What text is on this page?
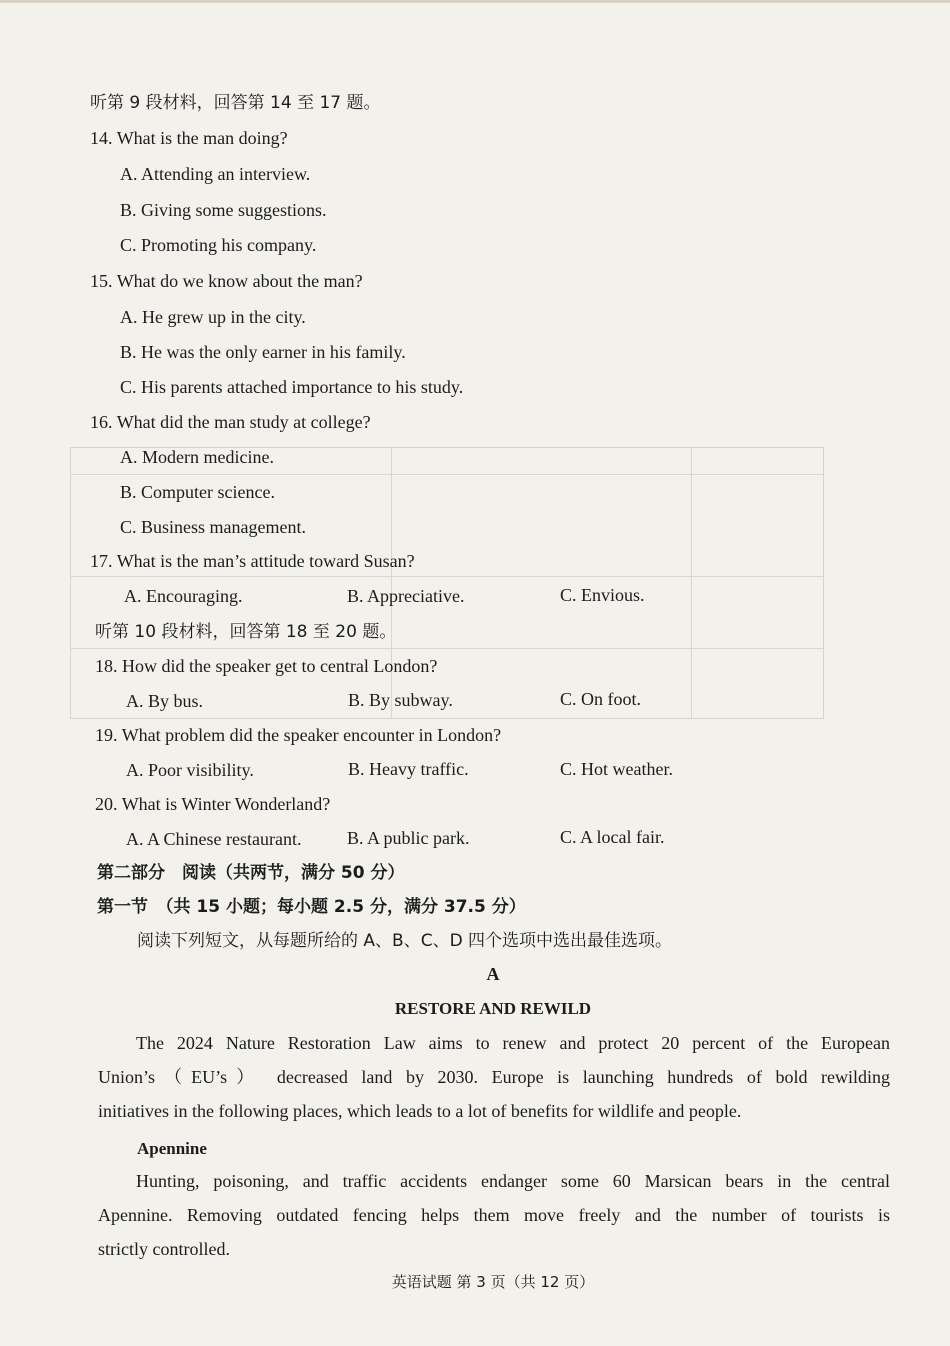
听第 9 段材料，回答第 14 至 17 题。
14. What is the man doing?
A. Attending an interview.
B. Giving some suggestions.
C. Promoting his company.
15. What do we know about the man?
A. He grew up in the city.
B. He was the only earner in his family.
C. His parents attached importance to his study.
16. What did the man study at college?
A. Modern medicine.
B. Computer science.
C. Business management.
17. What is the man’s attitude toward Susan?
A. Encouraging.	B. Appreciative.	C. Envious.
听第 10 段材料，回答第 18 至 20 题。
18. How did the speaker get to central London?
A. By bus.	B. By subway.	C. On foot.
19. What problem did the speaker encounter in London?
A. Poor visibility.	B. Heavy traffic.	C. Hot weather.
20. What is Winter Wonderland?
A. A Chinese restaurant.	B. A public park.	C. A local fair.
第二部分　阅读（共两节，满分 50 分）
第一节　（共 15 小题；每小题 2.5 分，满分 37.5 分）
阅读下列短文，从每题所给的 A、B、C、D 四个选项中选出最佳选项。
A
RESTORE AND REWILD
The 2024 Nature Restoration Law aims to renew and protect 20 percent of the European
Union’s（EU’s） decreased land by 2030. Europe is launching hundreds of bold rewilding
initiatives in the following places, which leads to a lot of benefits for wildlife and people.
Apennine
Hunting, poisoning, and traffic accidents endanger some 60 Marsican bears in the central
Apennine. Removing outdated fencing helps them move freely and the number of tourists is
strictly controlled.
英语试题 第 3 页（共 12 页）
